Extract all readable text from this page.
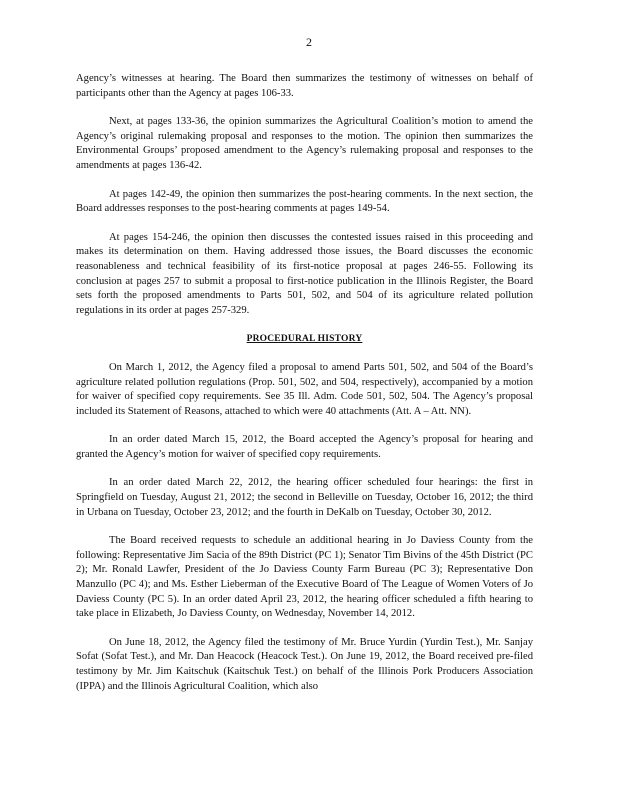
2

Agency’s witnesses at hearing. The Board then summarizes the testimony of witnesses on behalf of participants other than the Agency at pages 106-33.

Next, at pages 133-36, the opinion summarizes the Agricultural Coalition’s motion to amend the Agency’s original rulemaking proposal and responses to the motion. The opinion then summarizes the Environmental Groups’ proposed amendment to the Agency’s rulemaking proposal and responses to the amendments at pages 136-42.

At pages 142-49, the opinion then summarizes the post-hearing comments. In the next section, the Board addresses responses to the post-hearing comments at pages 149-54.

At pages 154-246, the opinion then discusses the contested issues raised in this proceeding and makes its determination on them. Having addressed those issues, the Board discusses the economic reasonableness and technical feasibility of its first-notice proposal at pages 246-55. Following its conclusion at pages 257 to submit a proposal to first-notice publication in the Illinois Register, the Board sets forth the proposed amendments to Parts 501, 502, and 504 of its agriculture related pollution regulations in its order at pages 257-329.

PROCEDURAL HISTORY

On March 1, 2012, the Agency filed a proposal to amend Parts 501, 502, and 504 of the Board’s agriculture related pollution regulations (Prop. 501, 502, and 504, respectively), accompanied by a motion for waiver of specified copy requirements. See 35 Ill. Adm. Code 501, 502, 504. The Agency’s proposal included its Statement of Reasons, attached to which were 40 attachments (Att. A – Att. NN).

In an order dated March 15, 2012, the Board accepted the Agency’s proposal for hearing and granted the Agency’s motion for waiver of specified copy requirements.

In an order dated March 22, 2012, the hearing officer scheduled four hearings: the first in Springfield on Tuesday, August 21, 2012; the second in Belleville on Tuesday, October 16, 2012; the third in Urbana on Tuesday, October 23, 2012; and the fourth in DeKalb on Tuesday, October 30, 2012.

The Board received requests to schedule an additional hearing in Jo Daviess County from the following: Representative Jim Sacia of the 89th District (PC 1); Senator Tim Bivins of the 45th District (PC 2); Mr. Ronald Lawfer, President of the Jo Daviess County Farm Bureau (PC 3); Representative Don Manzullo (PC 4); and Ms. Esther Lieberman of the Executive Board of The League of Women Voters of Jo Daviess County (PC 5). In an order dated April 23, 2012, the hearing officer scheduled a fifth hearing to take place in Elizabeth, Jo Daviess County, on Wednesday, November 14, 2012.

On June 18, 2012, the Agency filed the testimony of Mr. Bruce Yurdin (Yurdin Test.), Mr. Sanjay Sofat (Sofat Test.), and Mr. Dan Heacock (Heacock Test.). On June 19, 2012, the Board received pre-filed testimony by Mr. Jim Kaitschuk (Kaitschuk Test.) on behalf of the Illinois Pork Producers Association (IPPA) and the Illinois Agricultural Coalition, which also
